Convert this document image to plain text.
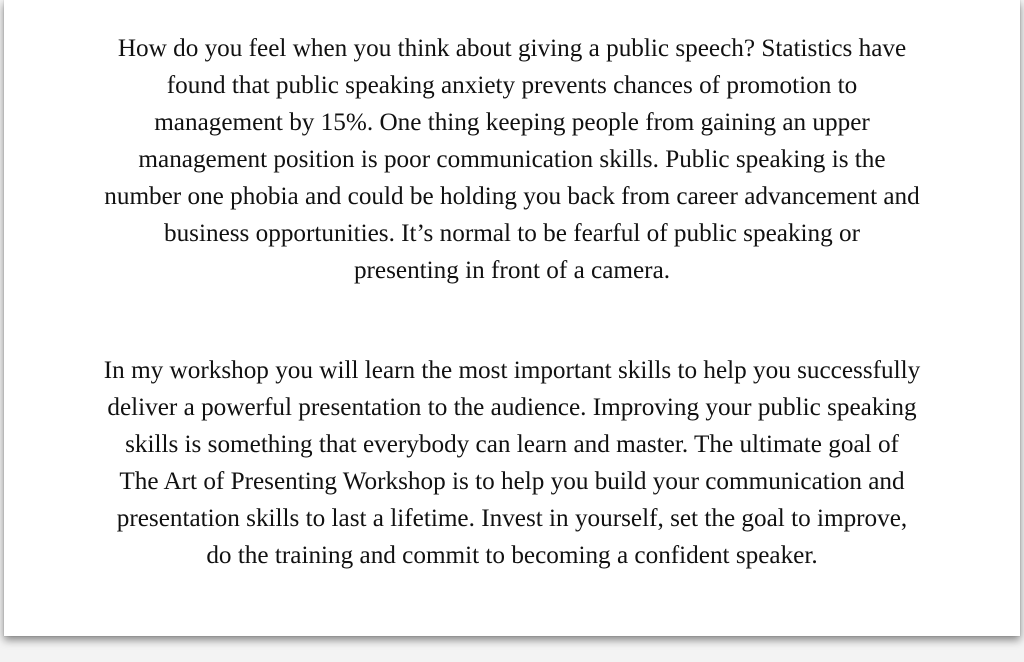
How do you feel when you think about giving a public speech? Statistics have
found that public speaking anxiety prevents chances of promotion to
management by 15%. One thing keeping people from gaining an upper
management position is poor communication skills. Public speaking is the
number one phobia and could be holding you back from career advancement and
business opportunities. It’s normal to be fearful of public speaking or
presenting in front of a camera.

In my workshop you will learn the most important skills to help you successfully
deliver a powerful presentation to the audience. Improving your public speaking
skills is something that everybody can learn and master. The ultimate goal of
The Art of Presenting Workshop is to help you build your communication and
presentation skills to last a lifetime. Invest in yourself, set the goal to improve,
do the training and commit to becoming a confident speaker.
